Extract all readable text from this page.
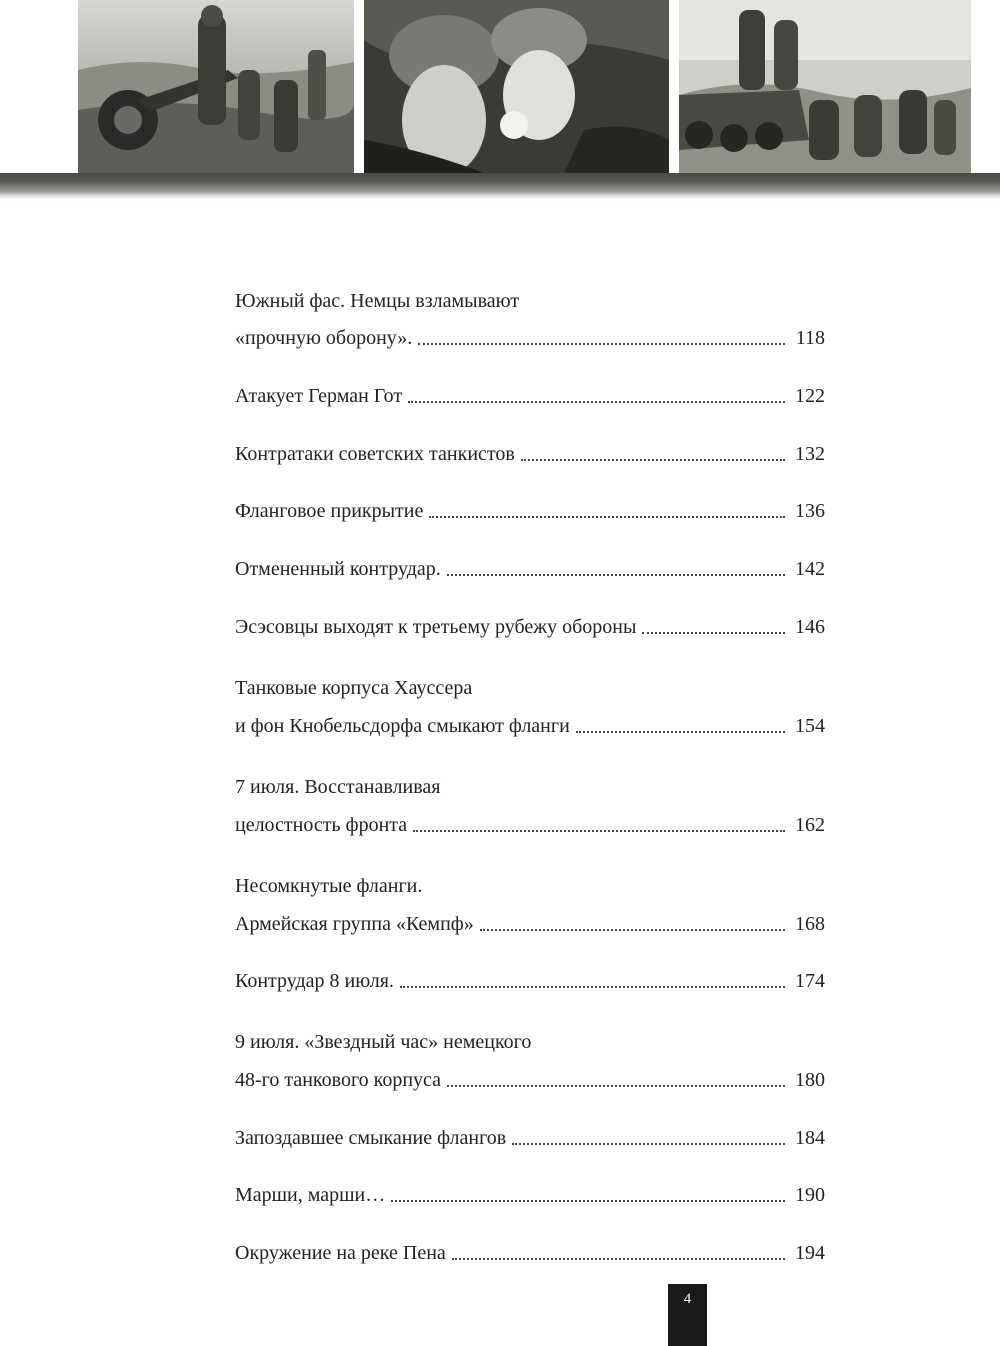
Южный фас. Немцы взламывают
«прочную оборону».	118
Атакует Герман Гот	122
Контратаки советских танкистов	132
Фланговое прикрытие	136
Отмененный контрудар.	142
Эсэсовцы выходят к третьему рубежу обороны	146
Танковые корпуса Хауссера
и фон Кнобельсдорфа смыкают фланги	154
7 июля. Восстанавливая
целостность фронта	162
Несомкнутые фланги.
Армейская группа «Кемпф»	168
Контрудар 8 июля.	174
9 июля. «Звездный час» немецкого
48-го танкового корпуса	180
Запоздавшее смыкание флангов	184
Марши, марши…	190
Окружение на реке Пена	194
4
